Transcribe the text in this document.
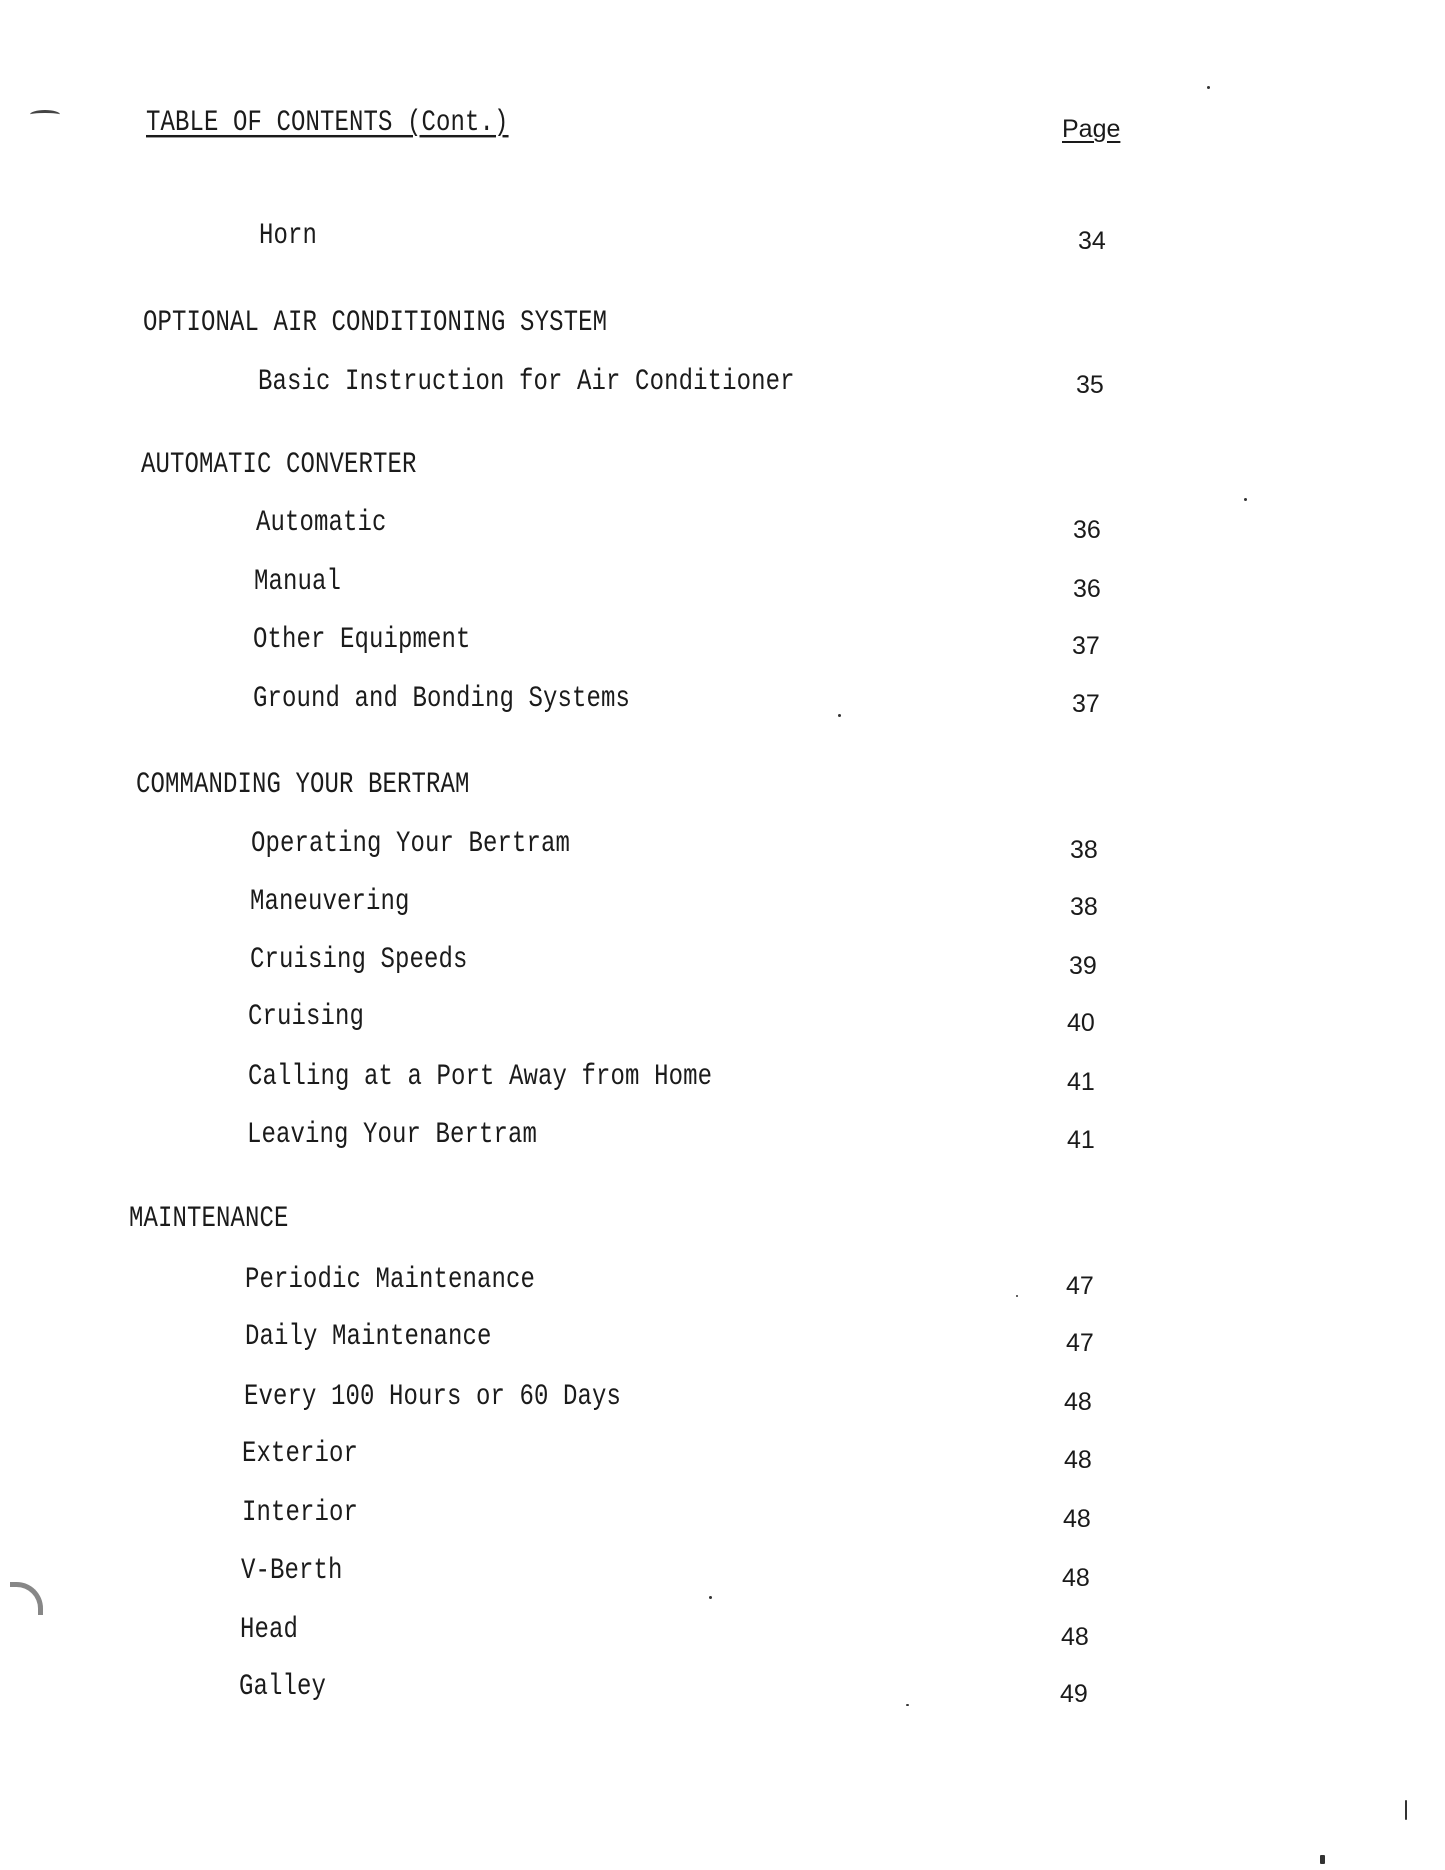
TABLE OF CONTENTS (Cont.)	Page
Horn	34
OPTIONAL AIR CONDITIONING SYSTEM
Basic Instruction for Air Conditioner	35
AUTOMATIC CONVERTER
Automatic	36
Manual	36
Other Equipment	37
Ground and Bonding Systems	37
COMMANDING YOUR BERTRAM
Operating Your Bertram	38
Maneuvering	38
Cruising Speeds	39
Cruising	40
Calling at a Port Away from Home	41
Leaving Your Bertram	41
MAINTENANCE
Periodic Maintenance	47
Daily Maintenance	47
Every 100 Hours or 60 Days	48
Exterior	48
Interior	48
V-Berth	48
Head	48
Galley	49
